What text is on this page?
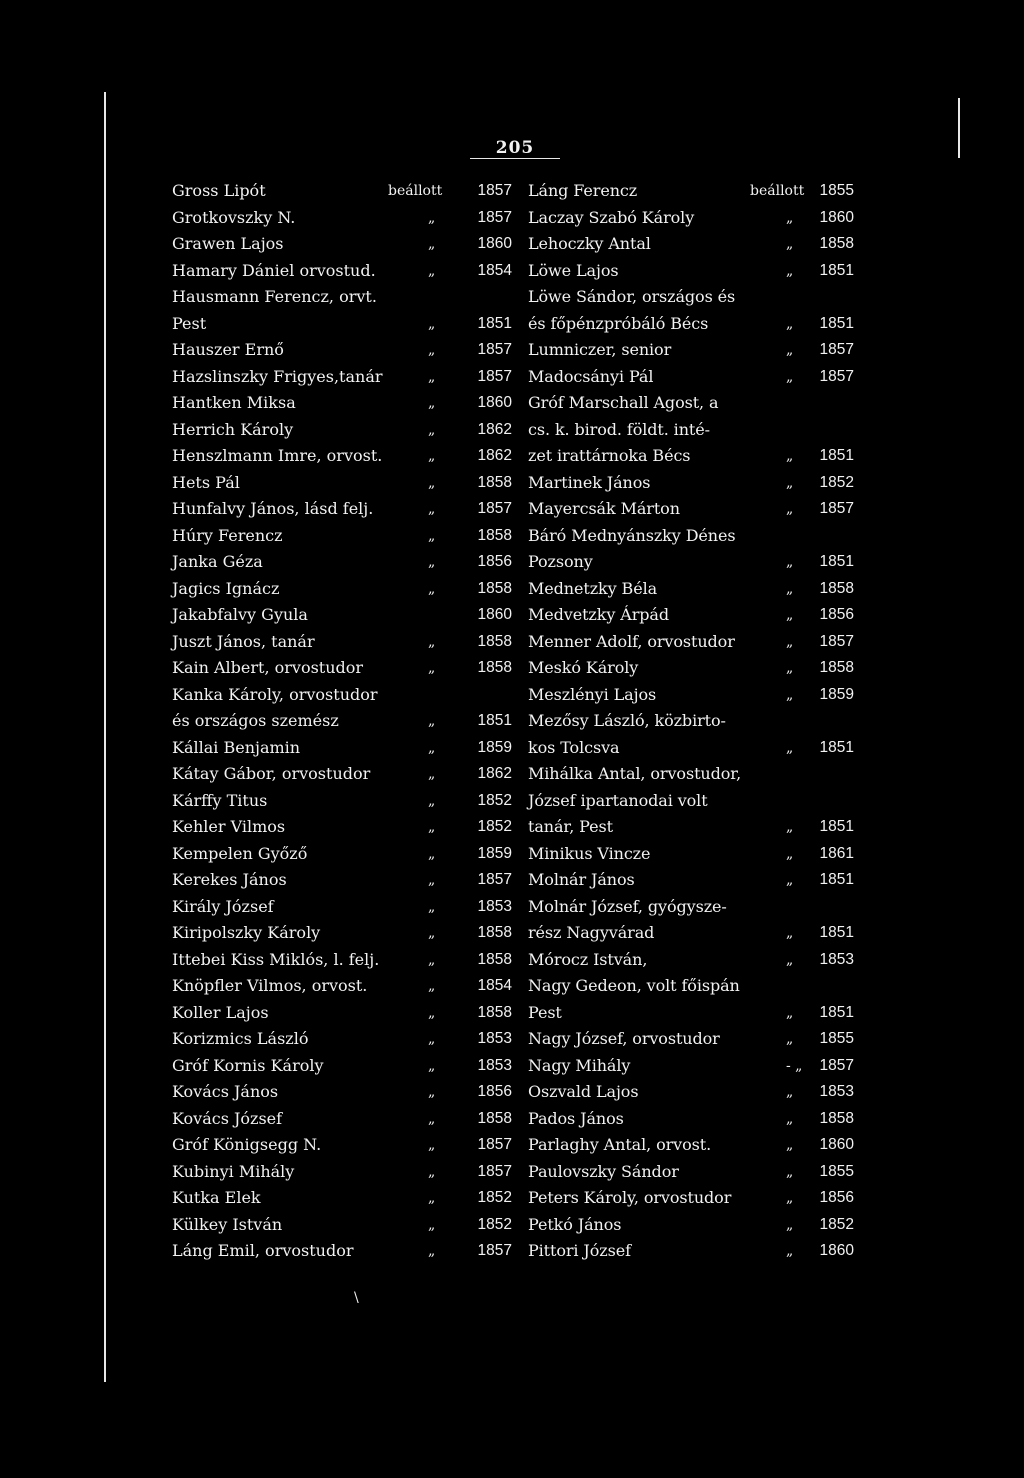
205
Gross Lipót	beállott 1857
Grotkovszky N.	„	1857
Grawen Lajos	„	1860
Hamary Dániel orvostud.	„	1854
Hausmann Ferencz, orvt.
Pest	„	1851
Hauszer Ernő	„	1857
Hazslinszky Frigyes,tanár	„	1857
Hantken Miksa	„	1860
Herrich Károly	„	1862
Henszlmann Imre, orvost.	„	1862
Hets Pál	„	1858
Hunfalvy János, lásd felj.	„	1857
Húry Ferencz	„	1858
Janka Géza	„	1856
Jagics Ignácz	„	1858
Jakabfalvy Gyula	1860
Juszt János, tanár	„	1858
Kain Albert, orvostudor	„	1858
Kanka Károly, orvostudor
és országos szemész	„	1851
Kállai Benjamin	„	1859
Kátay Gábor, orvostudor	„	1862
Kárffy Titus	„	1852
Kehler Vilmos	„	1852
Kempelen Győző	„	1859
Kerekes János	„	1857
Király József	„	1853
Kiripolszky Károly	„	1858
Ittebei Kiss Miklós, l. felj.	„	1858
Knöpfler Vilmos, orvost.	„	1854
Koller Lajos	„	1858
Korizmics László	„	1853
Gróf Kornis Károly	„	1853
Kovács János	„	1856
Kovács József	„	1858
Gróf Königsegg N.	„	1857
Kubinyi Mihály	„	1857
Kutka Elek	„	1852
Külkey István	„	1852
Láng Emil, orvostudor	„	1857
Láng Ferencz	beállott 1855
Laczay Szabó Károly	„ 1860
Lehoczky Antal	„ 1858
Löwe Lajos	„ 1851
Löwe Sándor, országos és
és főpénzpróbáló Bécs	„ 1851
Lumniczer, senior	„ 1857
Madocsányi Pál	„ 1857
Gróf Marschall Agost, a
cs. k. birod. földt. inté-
zet irattárnoka Bécs	„ 1851
Martinek János	„ 1852
Mayercsák Márton	„ 1857
Báró Mednyánszky Dénes
Pozsony	„ 1851
Mednetzky Béla	„ 1858
Medvetzky Árpád	„ 1856
Menner Adolf, orvostudor	„ 1857
Meskó Károly	„ 1858
Meszlényi Lajos	„ 1859
Mezősy László, közbirto-
kos Tolcsva	„ 1851
Mihálka Antal, orvostudor,
József ipartanodai volt
tanár, Pest	„ 1851
Minikus Vincze	„ 1861
Molnár János	„ 1851
Molnár József, gyógysze-
rész Nagyvárad	„ 1851
Mórocz István,	„ 1853
Nagy Gedeon, volt főispán
Pest	„ 1851
Nagy József, orvostudor	„ 1855
Nagy Mihály	- „ 1857
Oszvald Lajos	„ 1853
Pados János	„ 1858
Parlaghy Antal, orvost.	„ 1860
Paulovszky Sándor	„ 1855
Peters Károly, orvostudor	„ 1856
Petkó János	„ 1852
Pittori József	„ 1860
\
